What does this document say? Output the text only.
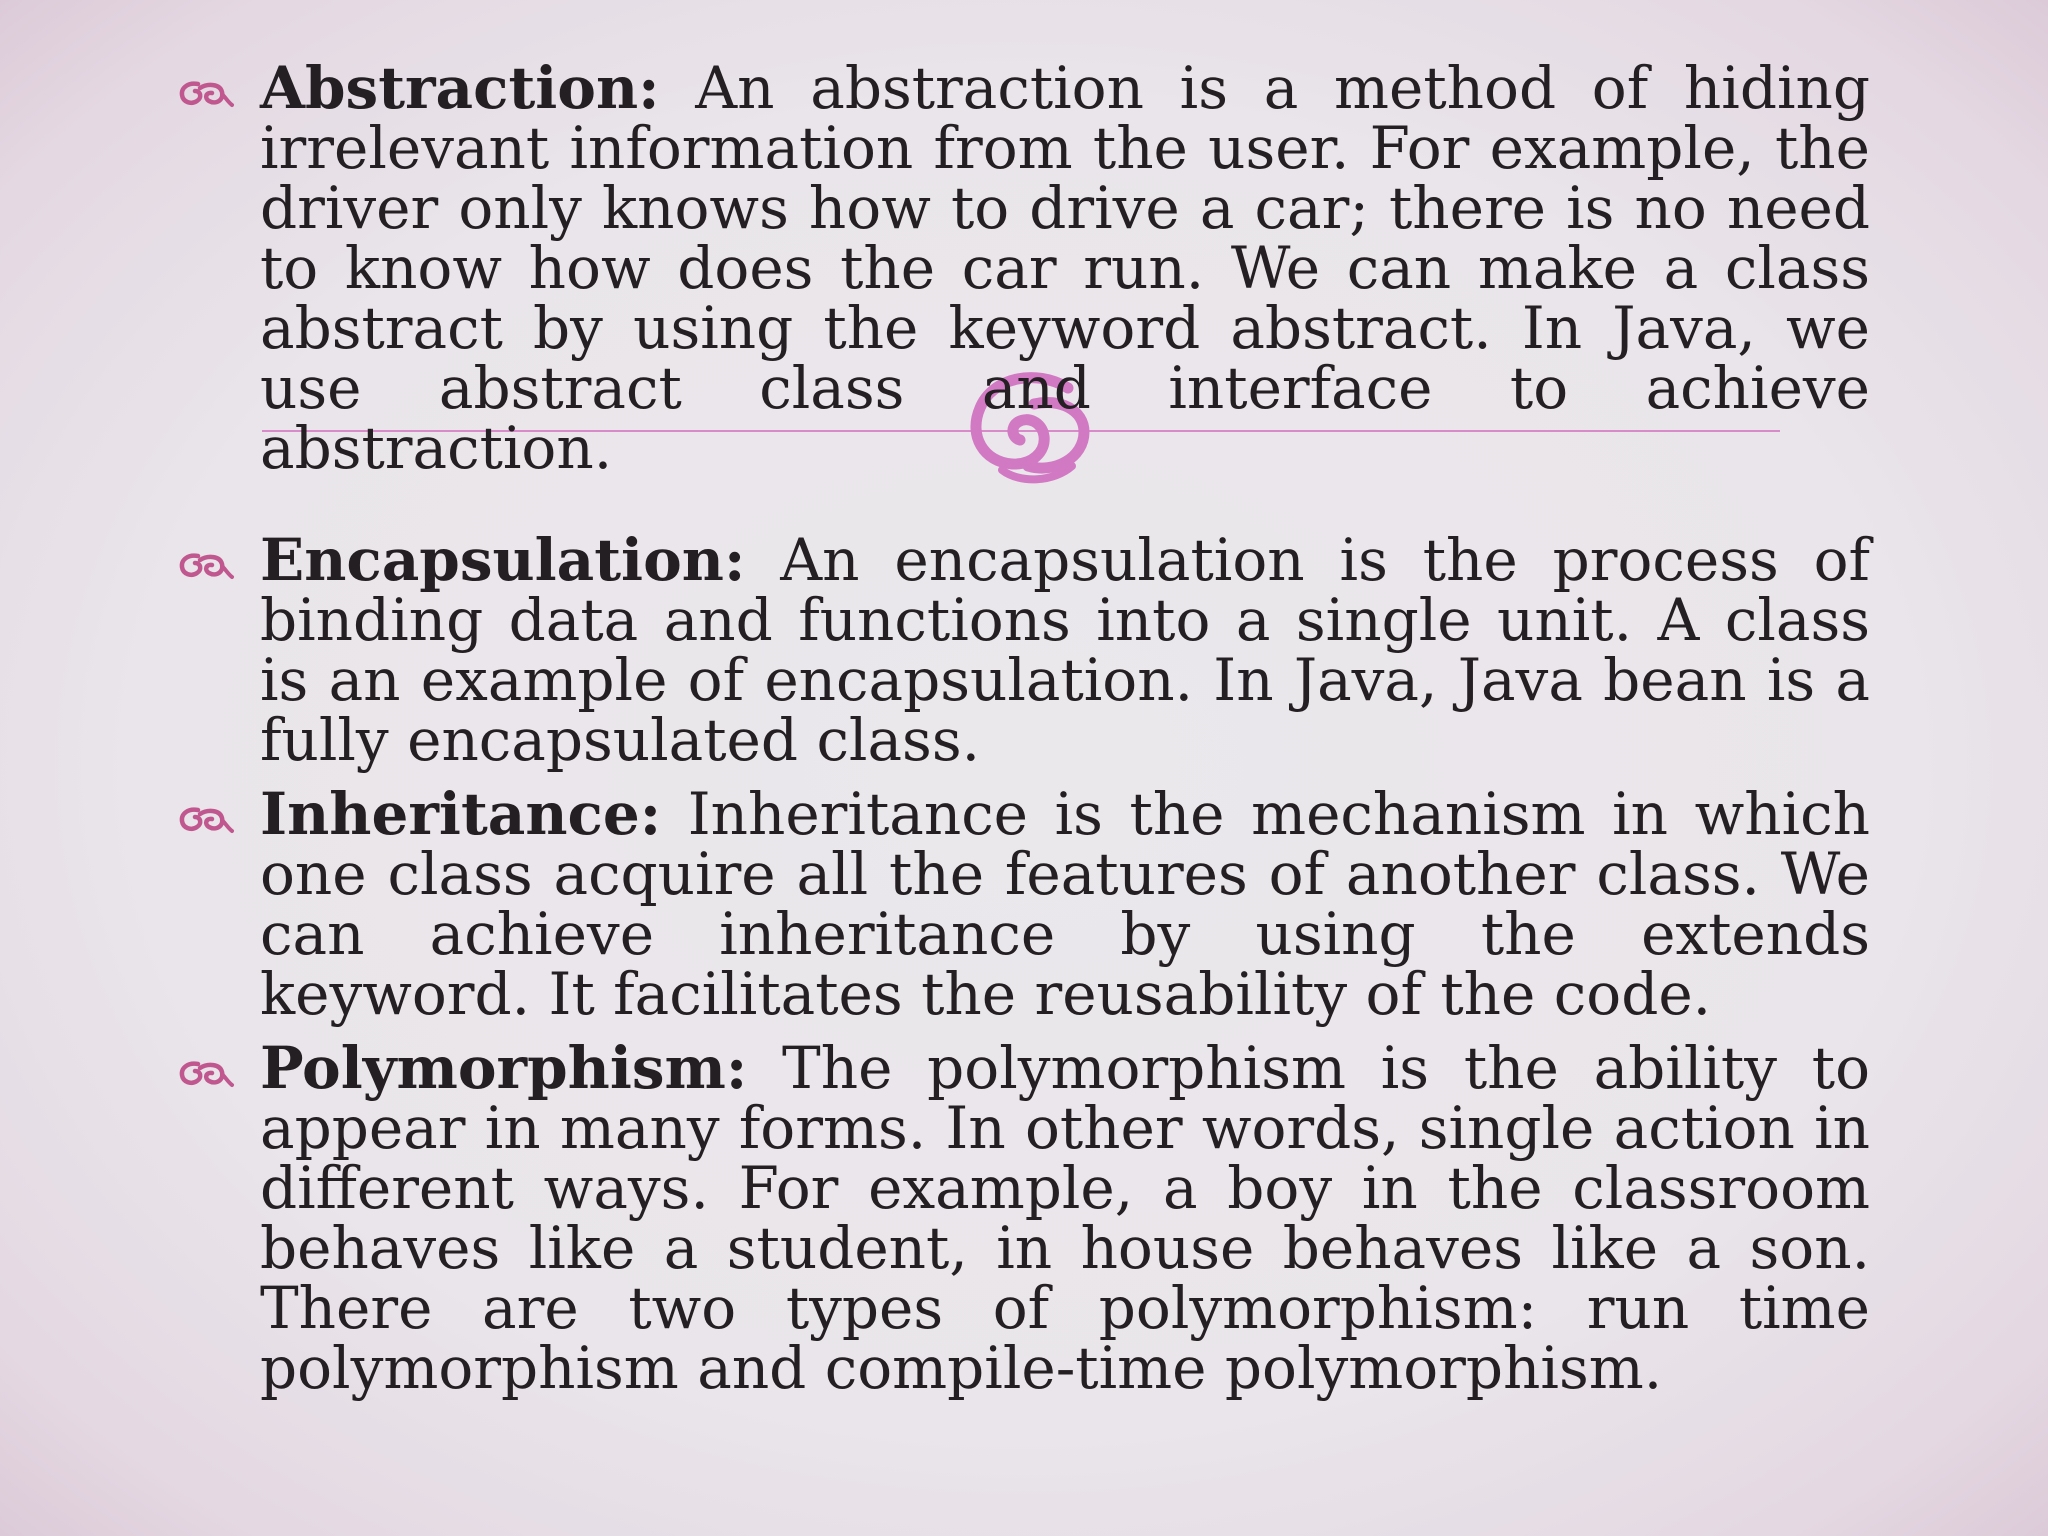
Abstraction: An abstraction is a method of hiding irrelevant information from the user. For example, the driver only knows how to drive a car; there is no need to know how does the car run. We can make a class abstract by using the keyword abstract. In Java, we use abstract class and interface to achieve abstraction.

Encapsulation: An encapsulation is the process of binding data and functions into a single unit. A class is an example of encapsulation. In Java, Java bean is a fully encapsulated class.

Inheritance: Inheritance is the mechanism in which one class acquire all the features of another class. We can achieve inheritance by using the extends keyword. It facilitates the reusability of the code.

Polymorphism: The polymorphism is the ability to appear in many forms. In other words, single action in different ways. For example, a boy in the classroom behaves like a student, in house behaves like a son. There are two types of polymorphism: run time polymorphism and compile-time polymorphism.
